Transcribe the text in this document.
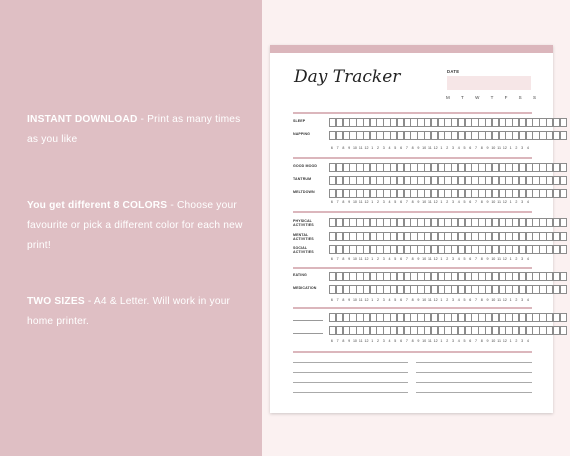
INSTANT DOWNLOAD - Print as many times as you like
You get different 8 COLORS - Choose your favourite or pick a different color for each new print!
TWO SIZES - A4 & Letter. Will work in your home printer.
Day Tracker	DATE
M	T	W	T	F	S	S
SLEEP
NAPPING
6	7	8	9 10 11 12 1	2	3	4	5	6	7	8	9 10 11 12 1	2	3	4	5	6	7	8	9 10 11 12 1	2	3	4
GOOD MOOD
TANTRUM
MELTDOWN
6	7	8	9 10 11 12 1	2	3	4	5	6	7	8	9 10 11 12 1	2	3	4	5	6	7	8	9 10 11 12 1	2	3	4
PHYSICAL ACTIVITIES
MENTAL ACTIVITIES
SOCIAL ACTIVITIES
6	7	8	9 10 11 12 1	2	3	4	5	6	7	8	9 10 11 12 1	2	3	4	5	6	7	8	9 10 11 12 1	2	3	4
EATING
MEDICATION
6	7	8	9 10 11 12 1	2	3	4	5	6	7	8	9 10 11 12 1	2	3	4	5	6	7	8	9 10 11 12 1	2	3	4
6	7	8	9 10 11 12 1	2	3	4	5	6	7	8	9 10 11 12 1	2	3	4	5	6	7	8	9 10 11 12 1	2	3	4
